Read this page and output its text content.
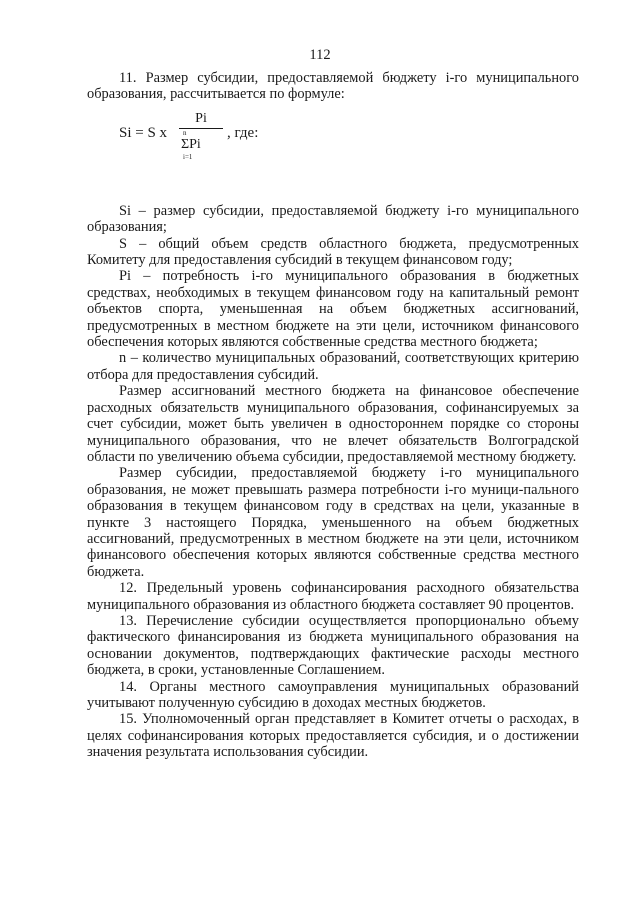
112

11. Размер субсидии, предоставляемой бюджету i-го муниципального образования, рассчитывается по формуле:

Si = S x
Pi
n
ΣPi
i=1
, где:

Si – размер субсидии, предоставляемой бюджету i-го муниципального образования;

S – общий объем средств областного бюджета, предусмотренных Комитету для предоставления субсидий в текущем финансовом году;

Pi – потребность i-го муниципального образования в бюджетных средствах, необходимых в текущем финансовом году на капитальный ремонт объектов спорта, уменьшенная на объем бюджетных ассигнований, предусмотренных в местном бюджете на эти цели, источником финансового обеспечения которых являются собственные средства местного бюджета;

n – количество муниципальных образований, соответствующих критерию отбора для предоставления субсидий.

Размер ассигнований местного бюджета на финансовое обеспечение расходных обязательств муниципального образования, софинансируемых за счет субсидии, может быть увеличен в одностороннем порядке со стороны муниципального образования, что не влечет обязательств Волгоградской области по увеличению объема субсидии, предоставляемой местному бюджету.

Размер субсидии, предоставляемой бюджету i-го муниципального образования, не может превышать размера потребности i-го муници-пального образования в текущем финансовом году в средствах на цели, указанные в пункте 3 настоящего Порядка, уменьшенного на объем бюджетных ассигнований, предусмотренных в местном бюджете на эти цели, источником финансового обеспечения которых являются собственные средства местного бюджета.

12. Предельный уровень софинансирования расходного обязательства муниципального образования из областного бюджета составляет 90 процентов.

13. Перечисление субсидии осуществляется пропорционально объему фактического финансирования из бюджета муниципального образования на основании документов, подтверждающих фактические расходы местного бюджета, в сроки, установленные Соглашением.

14. Органы местного самоуправления муниципальных образований учитывают полученную субсидию в доходах местных бюджетов.

15. Уполномоченный орган представляет в Комитет отчеты о расходах, в целях софинансирования которых предоставляется субсидия, и о достижении значения результата использования субсидии.
